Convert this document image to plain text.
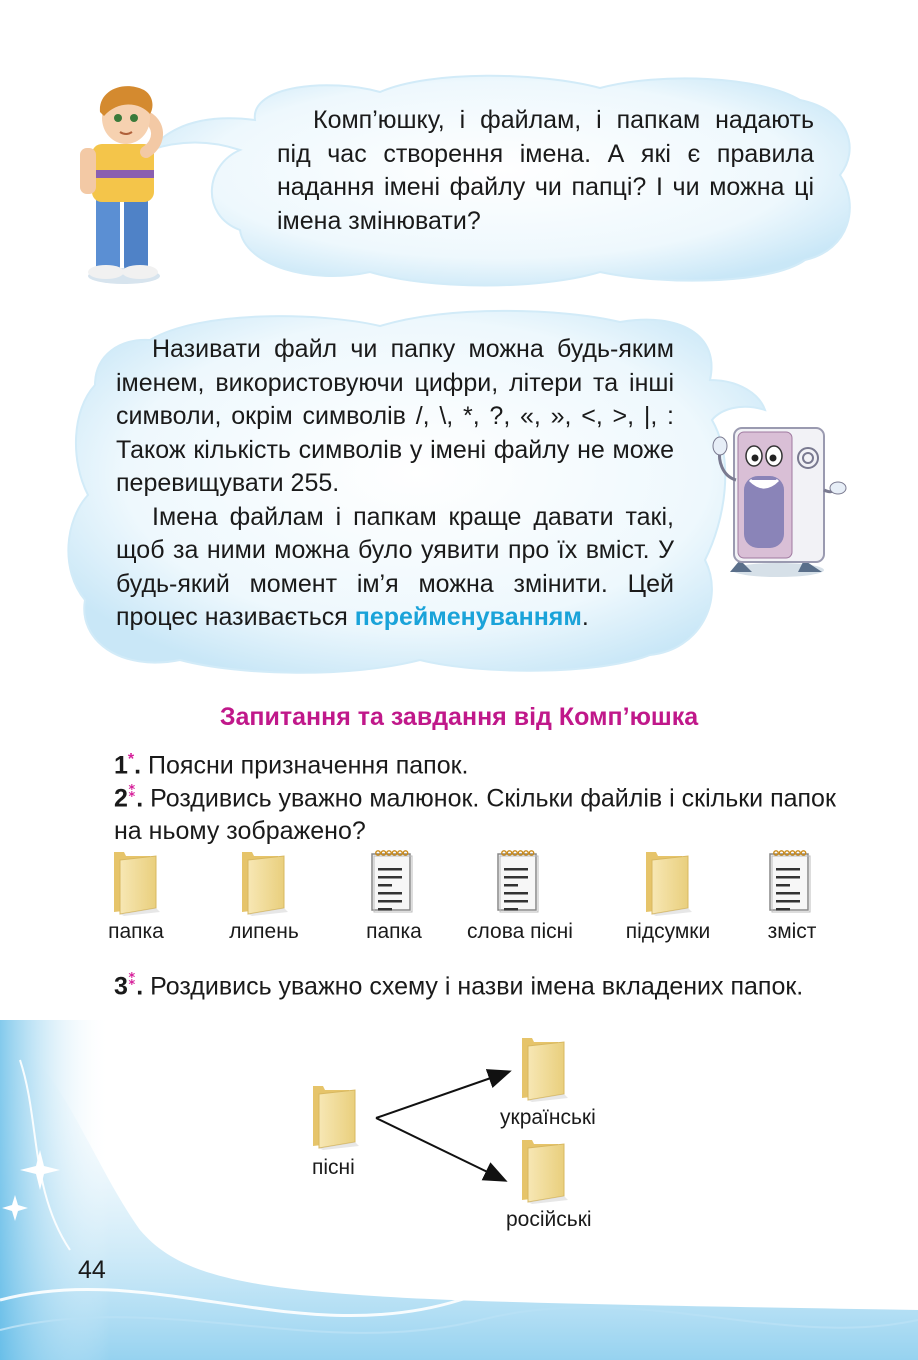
Комп’юшку, і файлам, і папкам надають під час створення імена. А які є правила надання імені файлу чи папці? І чи можна ці імена змінювати?

Називати файл чи папку можна будь-яким іменем, використовуючи цифри, літери та інші символи, окрім символів /, \, *, ?, «, », <, >, |, : Також кількість символів у імені файлу не може перевищувати 255.

Імена файлам і папкам краще давати такі, щоб за ними можна було уявити про їх вміст. У будь-який момент ім’я можна змінити. Цей процес називається перейменуванням.

Запитання та завдання від Комп’юшка
1*. Поясни призначення папок.
2⁑. Роздивись уважно малюнок. Скільки файлів і скільки папок на ньому зображено?
папка	липень	папка	слова пісні	підсумки	зміст
3⁑. Роздивись уважно схему і назви імена вкладених папок.
пісні
українські
російські
44
